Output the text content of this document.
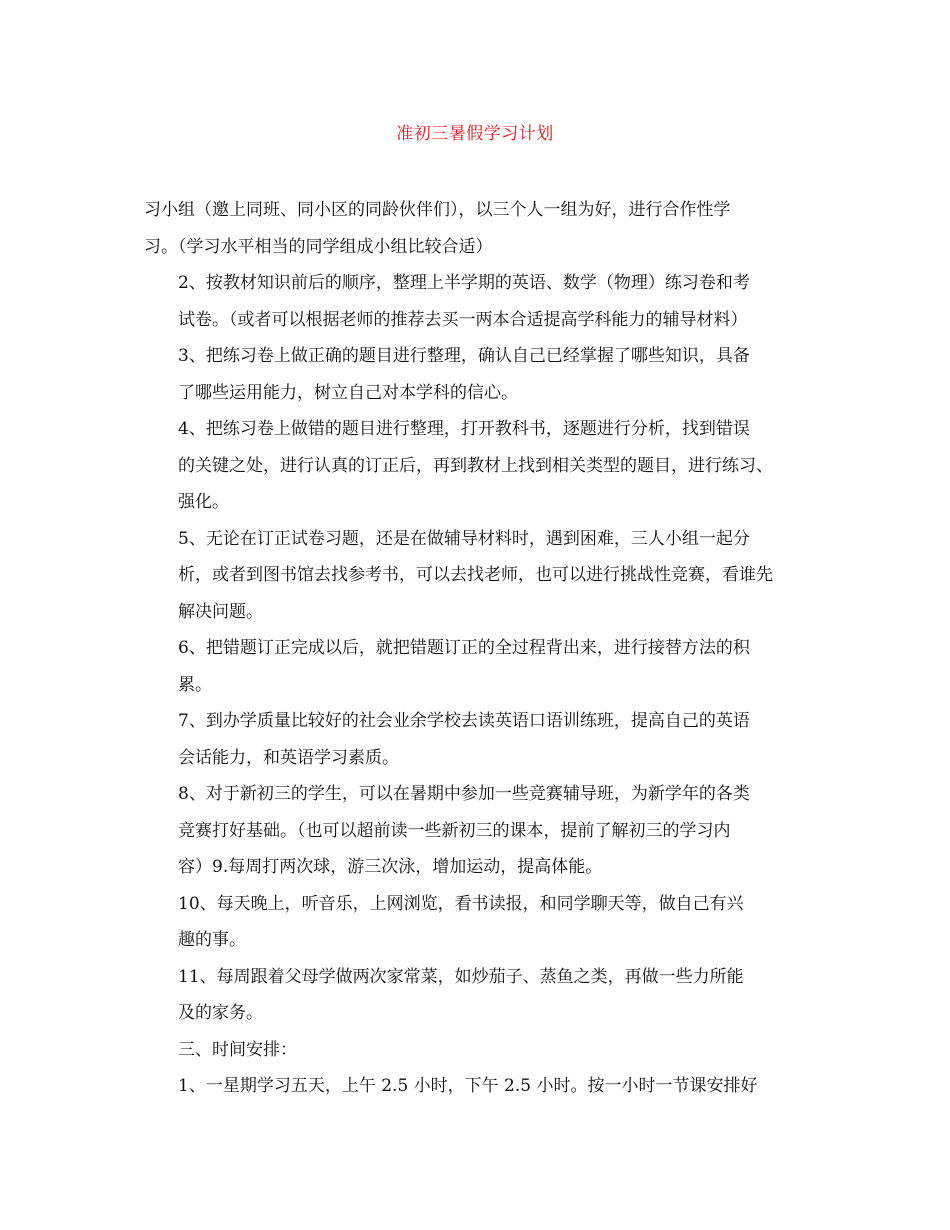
准初三暑假学习计划

习小组（邀上同班、同小区的同龄伙伴们），以三个人一组为好，进行合作性学
习。（学习水平相当的同学组成小组比较合适）

2、按教材知识前后的顺序，整理上半学期的英语、数学（物理）练习卷和考
试卷。（或者可以根据老师的推荐去买一两本合适提高学科能力的辅导材料）

3、把练习卷上做正确的题目进行整理，确认自己已经掌握了哪些知识，具备
了哪些运用能力，树立自己对本学科的信心。

4、把练习卷上做错的题目进行整理，打开教科书，逐题进行分析，找到错误
的关键之处，进行认真的订正后，再到教材上找到相关类型的题目，进行练习、
强化。

5、无论在订正试卷习题，还是在做辅导材料时，遇到困难，三人小组一起分
析，或者到图书馆去找参考书，可以去找老师，也可以进行挑战性竞赛，看谁先
解决问题。

6、把错题订正完成以后，就把错题订正的全过程背出来，进行接替方法的积
累。

7、到办学质量比较好的社会业余学校去读英语口语训练班，提高自己的英语
会话能力，和英语学习素质。

8、对于新初三的学生，可以在暑期中参加一些竞赛辅导班，为新学年的各类
竞赛打好基础。（也可以超前读一些新初三的课本，提前了解初三的学习内
容）9.每周打两次球，游三次泳，增加运动，提高体能。

10、每天晚上，听音乐，上网浏览，看书读报，和同学聊天等，做自己有兴
趣的事。

11、每周跟着父母学做两次家常菜，如炒茄子、蒸鱼之类，再做一些力所能
及的家务。

三、时间安排：

1、一星期学习五天，上午 2.5 小时，下午 2.5 小时。按一小时一节课安排好
